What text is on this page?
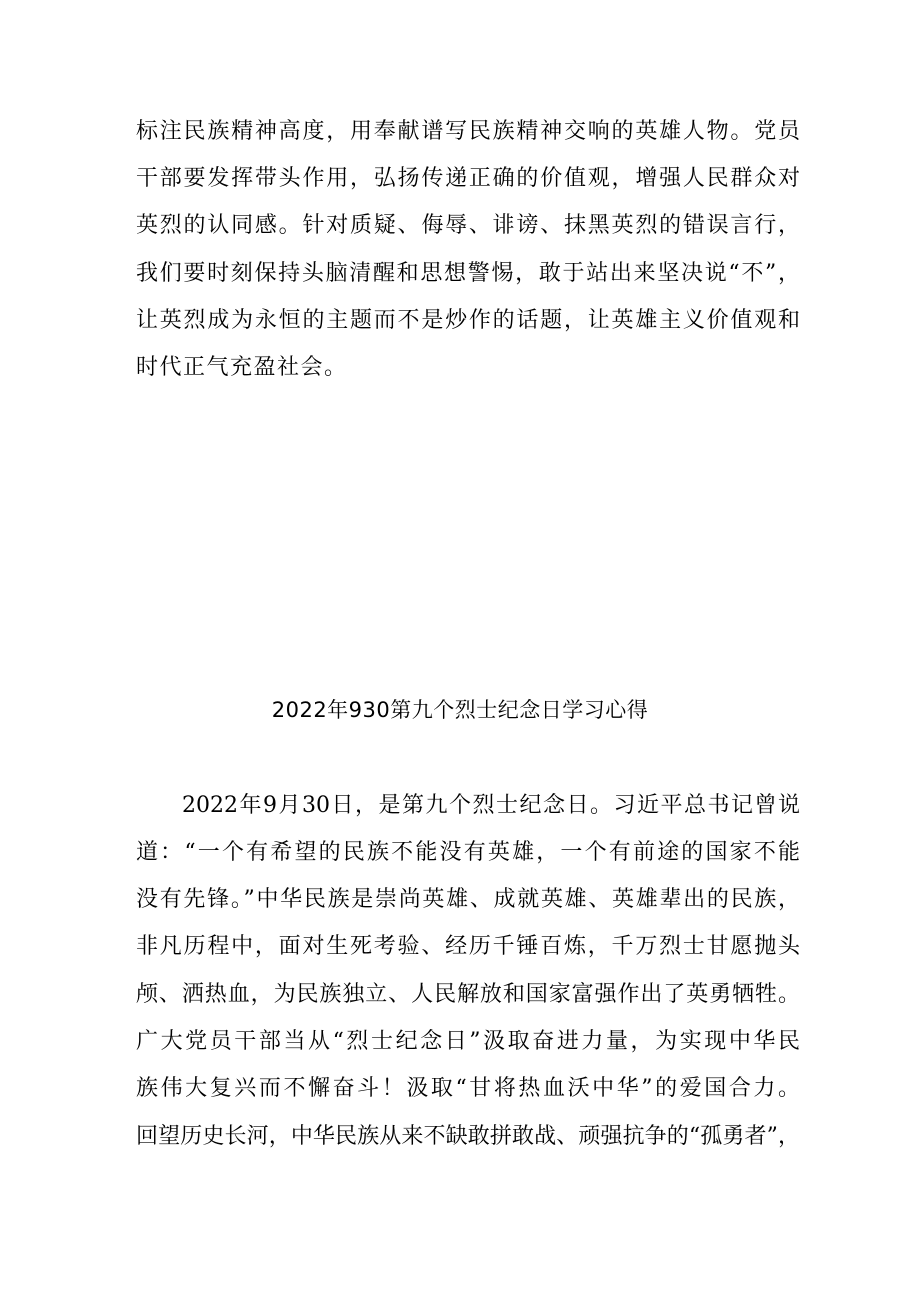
标注民族精神高度，用奉献谱写民族精神交响的英雄人物。党员
干部要发挥带头作用，弘扬传递正确的价值观，增强人民群众对
英烈的认同感。针对质疑、侮辱、诽谤、抹黑英烈的错误言行，
我们要时刻保持头脑清醒和思想警惕，敢于站出来坚决说“不”，
让英烈成为永恒的主题而不是炒作的话题，让英雄主义价值观和
时代正气充盈社会。
2022年930第九个烈士纪念日学习心得
2022年9月30日，是第九个烈士纪念日。习近平总书记曾说
道：“一个有希望的民族不能没有英雄，一个有前途的国家不能
没有先锋。”中华民族是崇尚英雄、成就英雄、英雄辈出的民族，
非凡历程中，面对生死考验、经历千锤百炼，千万烈士甘愿抛头
颅、洒热血，为民族独立、人民解放和国家富强作出了英勇牺牲。
广大党员干部当从“烈士纪念日”汲取奋进力量，为实现中华民
族伟大复兴而不懈奋斗！汲取“甘将热血沃中华”的爱国合力。
回望历史长河，中华民族从来不缺敢拼敢战、顽强抗争的“孤勇者”，
